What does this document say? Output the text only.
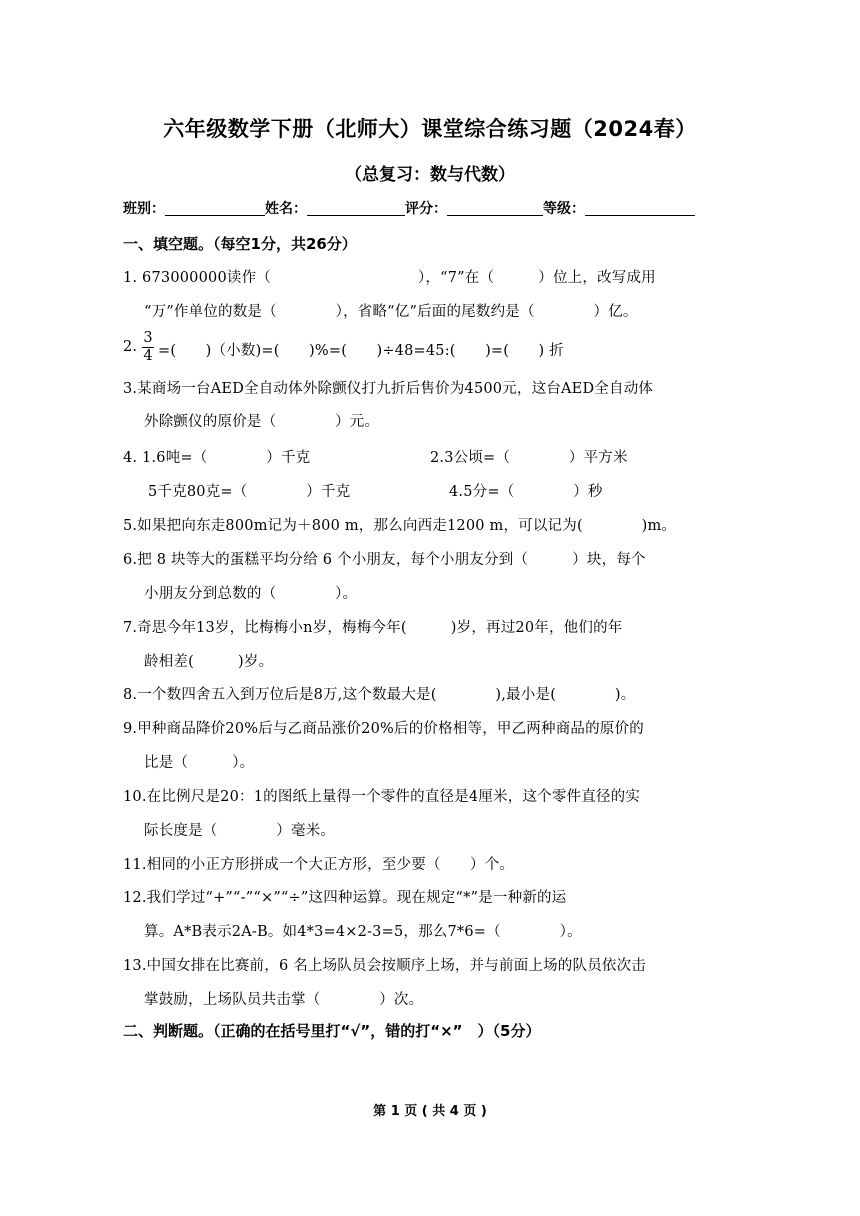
六年级数学下册（北师大）课堂综合练习题（2024春）
（总复习：数与代数）
班别：	姓名：	评分：	等级：
一、填空题。（每空1分，共26分）
1. 673000000读作（　　　　　　　　　　），“7”在（　　　）位上，改写成用
“万”作单位的数是（　　　　），省略“亿”后面的尾数约是（　　　　）亿。
2.
3
4 =(　　)（小数)=(　　)%=(　　)÷48=45:(　　)=(　　) 折
3.某商场一台AED全自动体外除颤仪打九折后售价为4500元，这台AED全自动体
外除颤仪的原价是（　　　　）元。
4. 1.6吨=（　　　　）千克	2.3公顷=（　　　　）平方米
5千克80克=（　　　　）千克	4.5分=（　　　　）秒
5.如果把向东走800m记为＋800 m，那么向西走1200 m，可以记为(　　　　)m。
6.把 8 块等大的蛋糕平均分给 6 个小朋友，每个小朋友分到（　　　）块，每个
小朋友分到总数的（　　　　）。
7.奇思今年13岁，比梅梅小n岁，梅梅今年(　　　)岁，再过20年，他们的年
龄相差(　　　)岁。
8.一个数四舍五入到万位后是8万,这个数最大是(　　　　),最小是(　　　　)。
9.甲种商品降价20%后与乙商品涨价20%后的价格相等，甲乙两种商品的原价的
比是（　　　）。
10.在比例尺是20：1的图纸上量得一个零件的直径是4厘米，这个零件直径的实
际长度是（　　　　）毫米。
11.相同的小正方形拼成一个大正方形，至少要（　　）个。
12.我们学过“+”“-”“×”“÷”这四种运算。现在规定“*”是一种新的运
算。A*B表示2A-B。如4*3=4×2-3=5，那么7*6=（　　　　）。
13.中国女排在比赛前，6 名上场队员会按顺序上场，并与前面上场的队员依次击
掌鼓励，上场队员共击掌（　　　　）次。
二、判断题。（正确的在括号里打“√”，错的打“×”　）（5分）
第 1 页 ( 共 4 页 )
